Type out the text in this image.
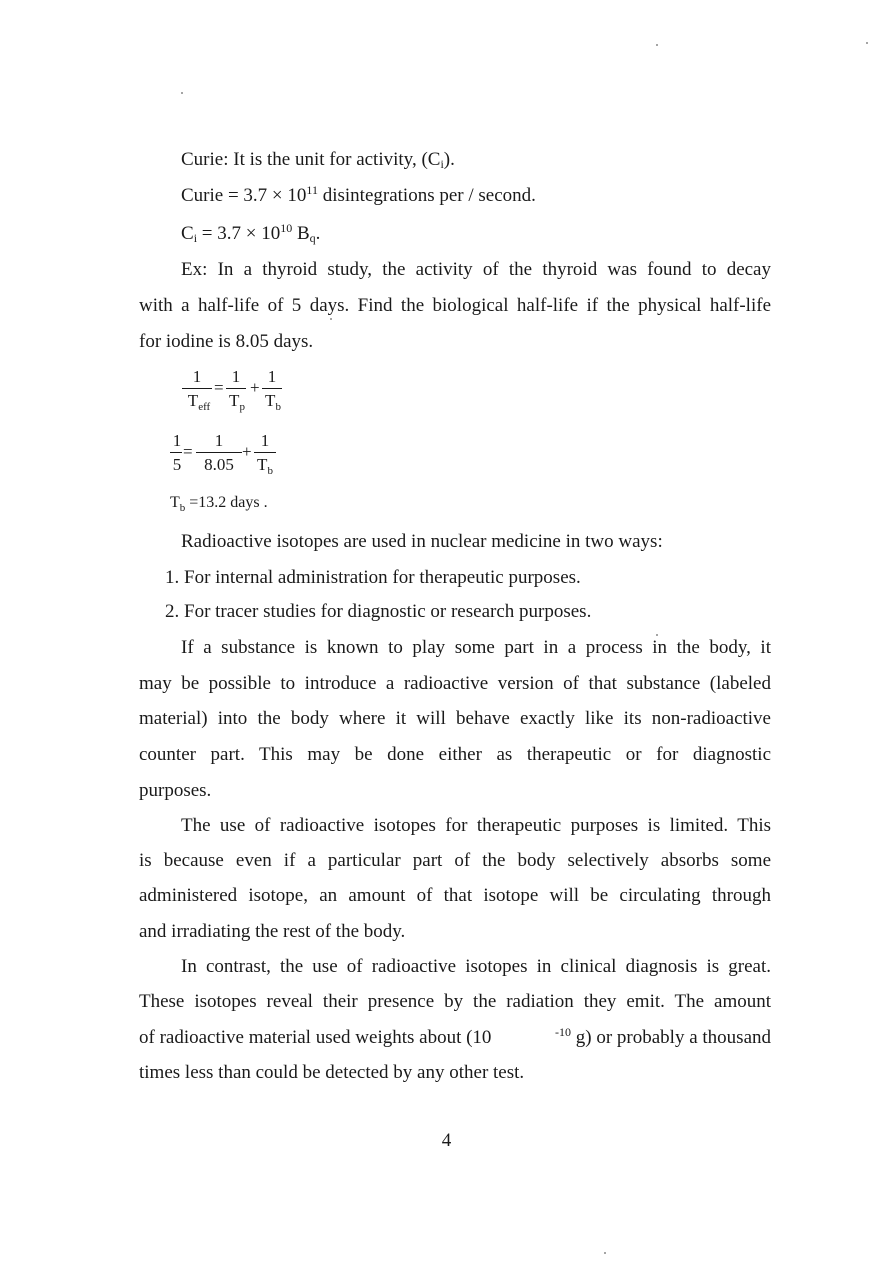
Curie: It is the unit for activity, $(C_i)$.
Curie = $3.7 \times 10^{11}$ disintegrations per / second.
$C_i = 3.7 \times 10^{10}$ $B_q$.
Ex: In a thyroid study, the activity of the thyroid was found to decay
with a half-life of 5 days. Find the biological half-life if the physical half-life
for iodine is 8.05 days.
1
$T_{eff}$
=
1
$T_p$
+
1
$T_b$
1
5
=
1
8.05
+
1
$T_b$
$T_b =13.2$ days .
Radioactive isotopes are used in nuclear medicine in two ways:
1. For internal administration for therapeutic purposes.
2. For tracer studies for diagnostic or research purposes.
If a substance is known to play some part in a process in the body, it
may be possible to introduce a radioactive version of that substance (labeled
material) into the body where it will behave exactly like its non-radioactive
counter part. This may be done either as therapeutic or for diagnostic
purposes.
The use of radioactive isotopes for therapeutic purposes is limited. This
is because even if a particular part of the body selectively absorbs some
administered isotope, an amount of that isotope will be circulating through
and irradiating the rest of the body.
In contrast, the use of radioactive isotopes in clinical diagnosis is great.
These isotopes reveal their presence by the radiation they emit. The amount
of radioactive material used weights about (10	$^{-10}$ g) or probably a thousand
times less than could be detected by any other test.
4
